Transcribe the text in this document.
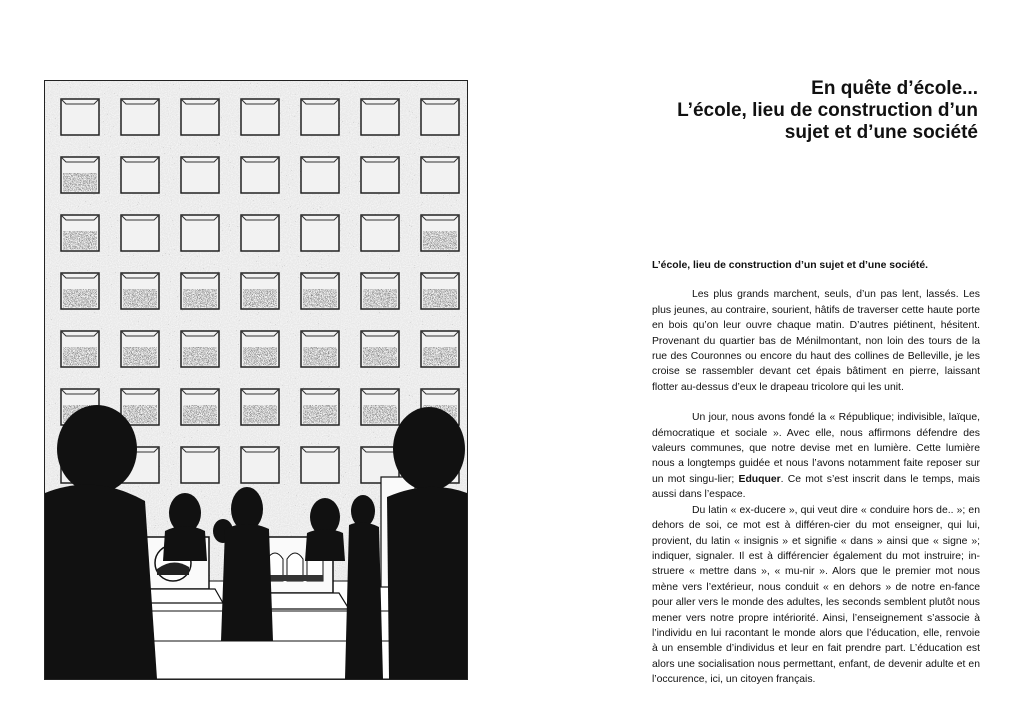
En quête d’école...
L’école, lieu de construction d’un
sujet et d’une société

L’école, lieu de construction d’un sujet et d’une société.

Les plus grands marchent, seuls, d’un pas lent, lassés. Les plus jeunes, au contraire, sourient, hâtifs de traverser cette haute porte en bois qu’on leur ouvre chaque matin. D’autres piétinent, hésitent. Provenant du quartier bas de Ménilmontant, non loin des tours de la rue des Couronnes ou encore du haut des collines de Belleville, je les croise se rassembler devant cet épais bâtiment en pierre, laissant flotter au-dessus d’eux le drapeau tricolore qui les unit.

Un jour, nous avons fondé la « République; indivisible, laïque, démocratique et sociale ». Avec elle, nous affirmons défendre des valeurs communes, que notre devise met en lumière. Cette lumière nous a longtemps guidée et nous l’avons notamment faite reposer sur un mot singu-lier; Eduquer. Ce mot s’est inscrit dans le temps, mais aussi dans l’espace.

Du latin « ex-ducere », qui veut dire « conduire hors de.. »; en dehors de soi, ce mot est à différen-cier du mot enseigner, qui lui, provient, du latin « insignis » et signifie « dans » ainsi que « signe »; indiquer, signaler. Il est à différencier également du mot instruire; in-struere « mettre dans », « mu-nir ». Alors que le premier mot nous mène vers l’extérieur, nous conduit « en dehors » de notre en-fance pour aller vers le monde des adultes, les seconds semblent plutôt nous mener vers notre propre intériorité. Ainsi, l’enseignement s’associe à l’individu en lui racontant le monde alors que l’éducation, elle, renvoie à un ensemble d’individus et leur en fait prendre part. L’éducation est alors une socialisation nous permettant, enfant, de devenir adulte et en l’occurence, ici, un citoyen français.
